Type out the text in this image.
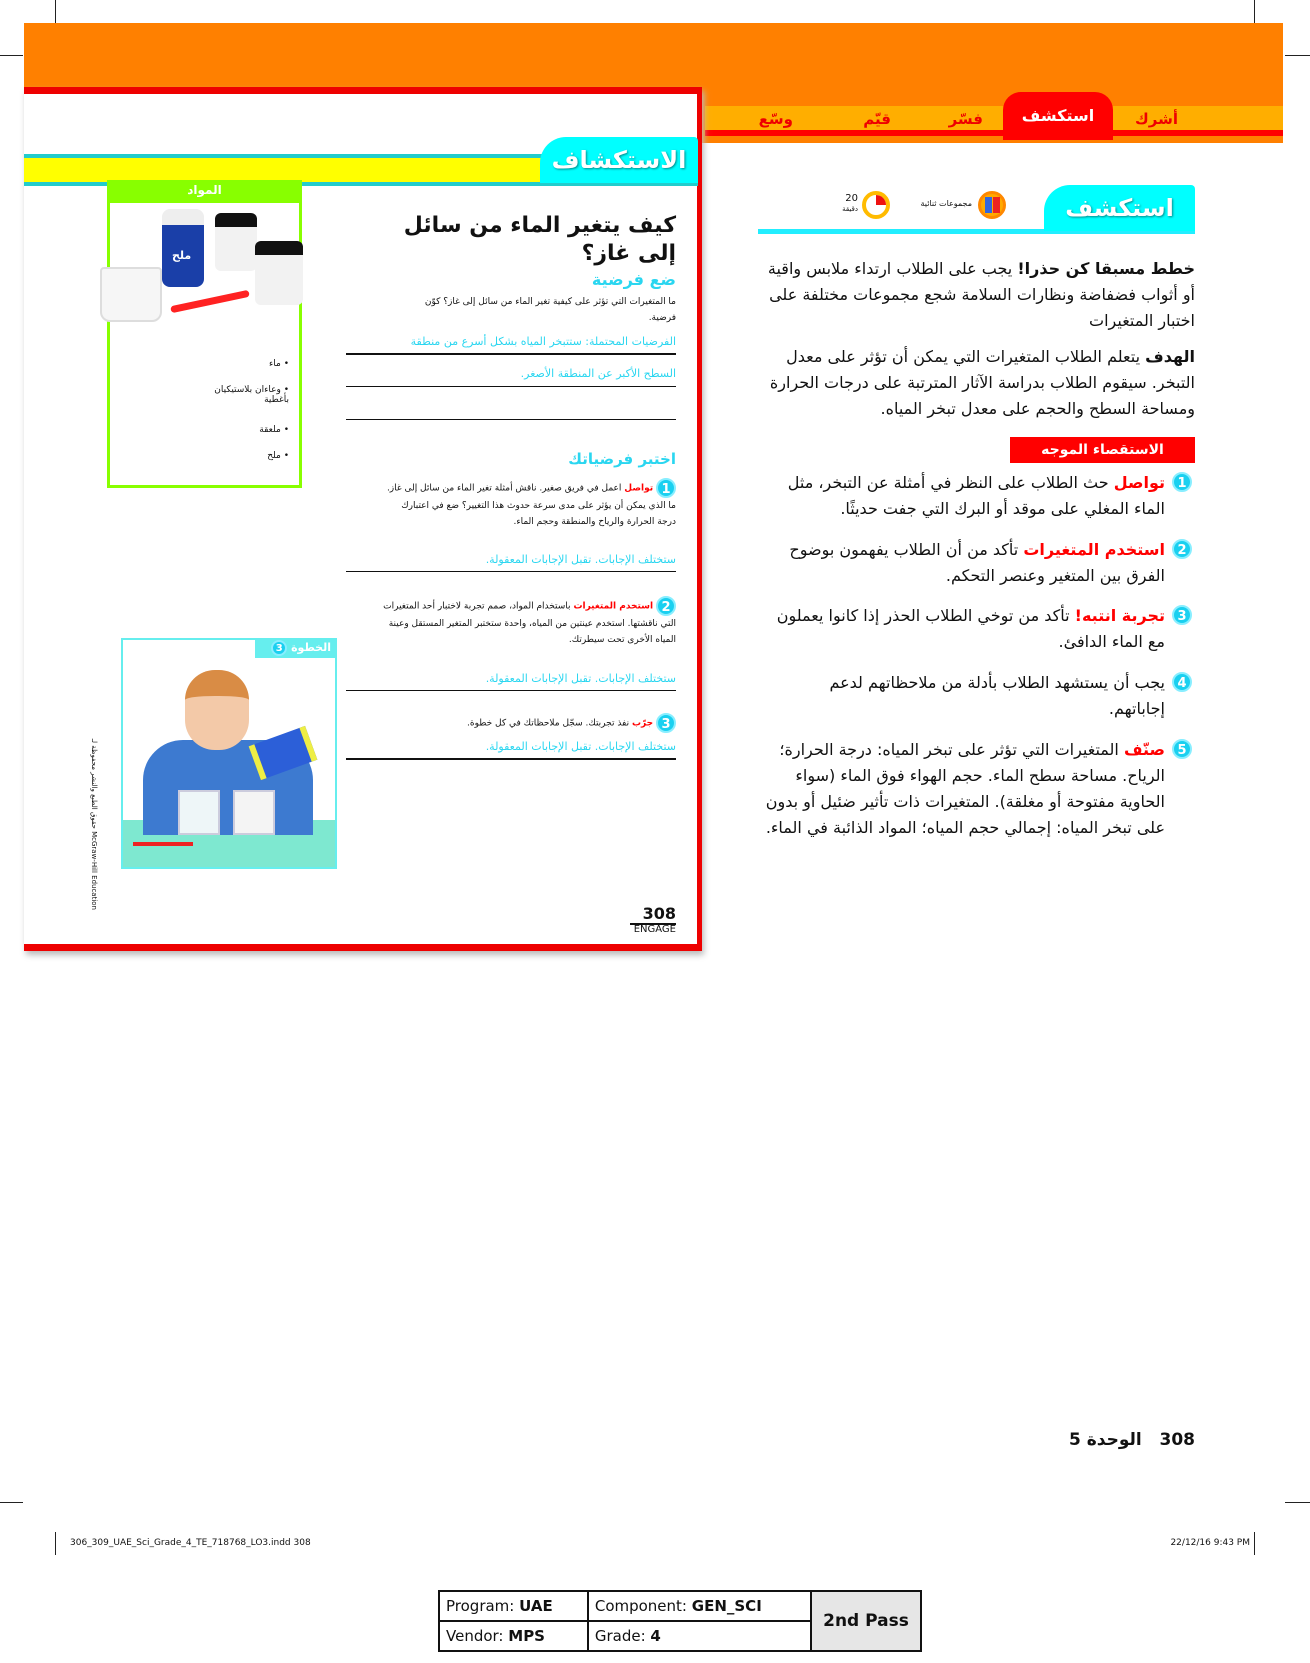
أشرك
فسّر
قيّم
وسّع	استكشف
الاستكشاف
المواد
ملح
• ماء
• وعاءان بلاستيكيان بأغطية
• ملعقة
• ملح
كيف يتغير الماء من سائل إلى غاز؟
ضع فرضية
ما المتغيرات التي تؤثر على كيفية تغير الماء من سائل إلى غاز؟ كوّن فرضية.
الفرضيات المحتملة: ستتبخر المياه بشكل أسرع من منطقة
السطح الأكبر عن المنطقة الأصغر.
اختبر فرضياتك
1 تواصل اعمل في فريق صغير. ناقش أمثلة تغير الماء من سائل إلى غاز. ما الذي يمكن أن يؤثر على مدى سرعة حدوث هذا التغيير؟ ضع في اعتبارك درجة الحرارة والرياح والمنطقة وحجم الماء.
ستختلف الإجابات. تقبل الإجابات المعقولة.
2 استخدم المتغيرات باستخدام المواد، صمم تجربة لاختبار أحد المتغيرات التي ناقشتها. استخدم عينتين من المياه، واحدة ستختبر المتغير المستقل وعينة المياه الأخرى تحت سيطرتك.
ستختلف الإجابات. تقبل الإجابات المعقولة.
3 جرّب نفذ تجربتك. سجّل ملاحظاتك في كل خطوة.
ستختلف الإجابات. تقبل الإجابات المعقولة.
الخطوة 3
McGraw-Hill Education حقوق الطبع والنشر محفوظة لـ
308
ENGAGE
استكشف
مجموعات ثنائية
20
دقيقة
خطط مسبقا كن حذرا! يجب على الطلاب ارتداء ملابس واقية أو أثواب فضفاضة ونظارات السلامة شجع مجموعات مختلفة على اختبار المتغيرات
الهدف يتعلم الطلاب المتغيرات التي يمكن أن تؤثر على معدل التبخر. سيقوم الطلاب بدراسة الآثار المترتبة على درجات الحرارة ومساحة السطح والحجم على معدل تبخر المياه.
الاستقصاء الموجه
تواصل حث الطلاب على النظر في أمثلة عن التبخر، مثل الماء المغلي على موقد أو البرك التي جفت حديثًا.
1
استخدم المتغيرات تأكد من أن الطلاب يفهمون بوضوح الفرق بين المتغير وعنصر التحكم.
2
تجربة انتبه! تأكد من توخي الطلاب الحذر إذا كانوا يعملون مع الماء الدافئ.
3
يجب أن يستشهد الطلاب بأدلة من ملاحظاتهم لدعم إجاباتهم.
4
صنّف المتغيرات التي تؤثر على تبخر المياه: درجة الحرارة؛ الرياح. مساحة سطح الماء. حجم الهواء فوق الماء (سواء الحاوية مفتوحة أو مغلقة). المتغيرات ذات تأثير ضئيل أو بدون على تبخر المياه: إجمالي حجم المياه؛ المواد الذائبة في الماء.
5
308   الوحدة 5
306_309_UAE_Sci_Grade_4_TE_718768_LO3.indd 308	22/12/16 9:43 PM
Program: UAE	Component: GEN_SCI	2nd Pass
Vendor: MPS	Grade: 4	
